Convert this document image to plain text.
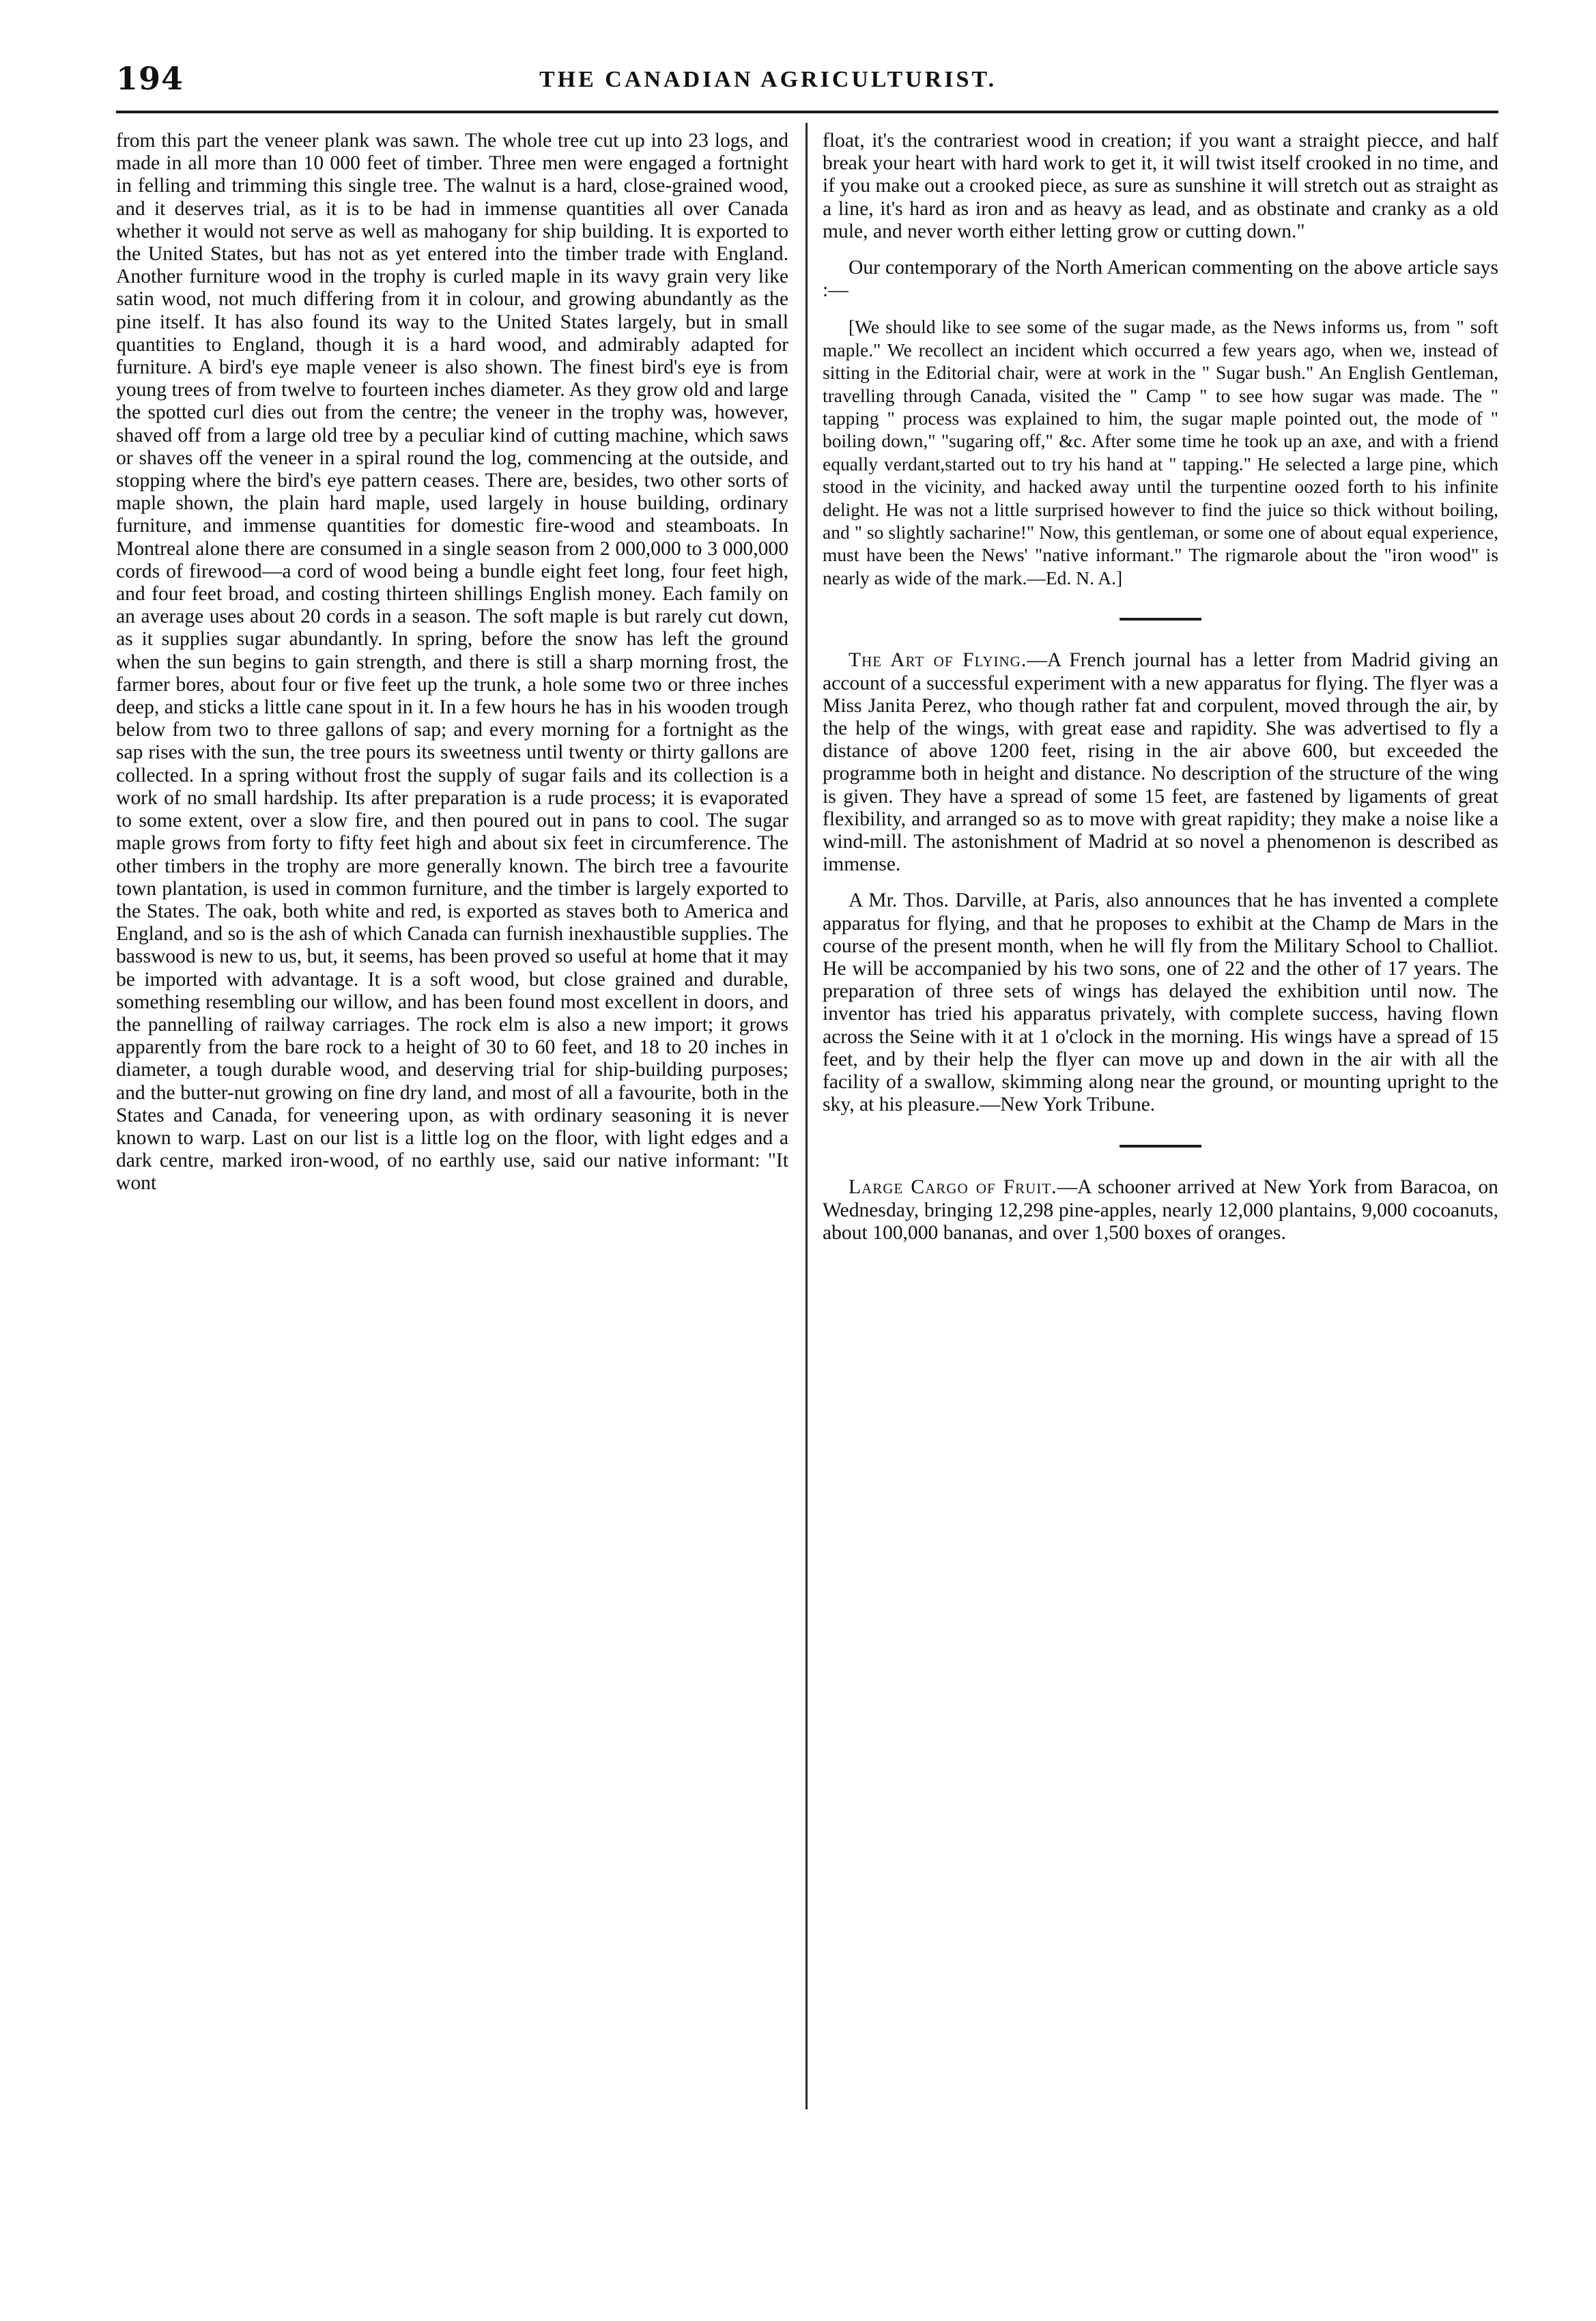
194	THE CANADIAN AGRICULTURIST.

from this part the veneer plank was sawn. The whole tree cut up into 23 logs, and made in all more than 10 000 feet of timber. Three men were engaged a fortnight in felling and trimming this single tree. The walnut is a hard, close-grained wood, and it deserves trial, as it is to be had in immense quantities all over Canada whether it would not serve as well as mahogany for ship building. It is exported to the United States, but has not as yet entered into the timber trade with England. Another furniture wood in the trophy is curled maple in its wavy grain very like satin wood, not much differing from it in colour, and growing abundantly as the pine itself. It has also found its way to the United States largely, but in small quantities to England, though it is a hard wood, and admirably adapted for furniture. A bird's eye maple veneer is also shown. The finest bird's eye is from young trees of from twelve to fourteen inches diameter. As they grow old and large the spotted curl dies out from the centre; the veneer in the trophy was, however, shaved off from a large old tree by a peculiar kind of cutting machine, which saws or shaves off the veneer in a spiral round the log, commencing at the outside, and stopping where the bird's eye pattern ceases. There are, besides, two other sorts of maple shown, the plain hard maple, used largely in house building, ordinary furniture, and immense quantities for domestic fire-wood and steamboats. In Montreal alone there are consumed in a single season from 2 000,000 to 3 000,000 cords of firewood—a cord of wood being a bundle eight feet long, four feet high, and four feet broad, and costing thirteen shillings English money. Each family on an average uses about 20 cords in a season. The soft maple is but rarely cut down, as it supplies sugar abundantly. In spring, before the snow has left the ground when the sun begins to gain strength, and there is still a sharp morning frost, the farmer bores, about four or five feet up the trunk, a hole some two or three inches deep, and sticks a little cane spout in it. In a few hours he has in his wooden trough below from two to three gallons of sap; and every morning for a fortnight as the sap rises with the sun, the tree pours its sweetness until twenty or thirty gallons are collected. In a spring without frost the supply of sugar fails and its collection is a work of no small hardship. Its after preparation is a rude process; it is evaporated to some extent, over a slow fire, and then poured out in pans to cool. The sugar maple grows from forty to fifty feet high and about six feet in circumference. The other timbers in the trophy are more generally known. The birch tree a favourite town plantation, is used in common furniture, and the timber is largely exported to the States. The oak, both white and red, is exported as staves both to America and England, and so is the ash of which Canada can furnish inexhaustible supplies. The basswood is new to us, but, it seems, has been proved so useful at home that it may be imported with advantage. It is a soft wood, but close grained and durable, something resembling our willow, and has been found most excellent in doors, and the pannelling of railway carriages. The rock elm is also a new import; it grows apparently from the bare rock to a height of 30 to 60 feet, and 18 to 20 inches in diameter, a tough durable wood, and deserving trial for ship-building purposes; and the butter-nut growing on fine dry land, and most of all a favourite, both in the States and Canada, for veneering upon, as with ordinary seasoning it is never known to warp. Last on our list is a little log on the floor, with light edges and a dark centre, marked iron-wood, of no earthly use, said our native informant: "It wont

float, it's the contrariest wood in creation; if you want a straight piecce, and half break your heart with hard work to get it, it will twist itself crooked in no time, and if you make out a crooked piece, as sure as sunshine it will stretch out as straight as a line, it's hard as iron and as heavy as lead, and as obstinate and cranky as a old mule, and never worth either letting grow or cutting down."

Our contemporary of the North American commenting on the above article says :—

[We should like to see some of the sugar made, as the News informs us, from " soft maple." We recollect an incident which occurred a few years ago, when we, instead of sitting in the Editorial chair, were at work in the " Sugar bush." An English Gentleman, travelling through Canada, visited the " Camp " to see how sugar was made. The " tapping " process was explained to him, the sugar maple pointed out, the mode of " boiling down," "sugaring off," &c. After some time he took up an axe, and with a friend equally verdant,started out to try his hand at " tapping." He selected a large pine, which stood in the vicinity, and hacked away until the turpentine oozed forth to his infinite delight. He was not a little surprised however to find the juice so thick without boiling, and " so slightly sacharine!" Now, this gentleman, or some one of about equal experience, must have been the News' "native informant." The rigmarole about the "iron wood" is nearly as wide of the mark.—Ed. N. A.]

The Art of Flying.—A French journal has a letter from Madrid giving an account of a successful experiment with a new apparatus for flying. The flyer was a Miss Janita Perez, who though rather fat and corpulent, moved through the air, by the help of the wings, with great ease and rapidity. She was advertised to fly a distance of above 1200 feet, rising in the air above 600, but exceeded the programme both in height and distance. No description of the structure of the wing is given. They have a spread of some 15 feet, are fastened by ligaments of great flexibility, and arranged so as to move with great rapidity; they make a noise like a wind-mill. The astonishment of Madrid at so novel a phenomenon is described as immense.

A Mr. Thos. Darville, at Paris, also announces that he has invented a complete apparatus for flying, and that he proposes to exhibit at the Champ de Mars in the course of the present month, when he will fly from the Military School to Challiot. He will be accompanied by his two sons, one of 22 and the other of 17 years. The preparation of three sets of wings has delayed the exhibition until now. The inventor has tried his apparatus privately, with complete success, having flown across the Seine with it at 1 o'clock in the morning. His wings have a spread of 15 feet, and by their help the flyer can move up and down in the air with all the facility of a swallow, skimming along near the ground, or mounting upright to the sky, at his pleasure.—New York Tribune.

Large Cargo of Fruit.—A schooner arrived at New York from Baracoa, on Wednesday, bringing 12,298 pine-apples, nearly 12,000 plantains, 9,000 cocoanuts, about 100,000 bananas, and over 1,500 boxes of oranges.
